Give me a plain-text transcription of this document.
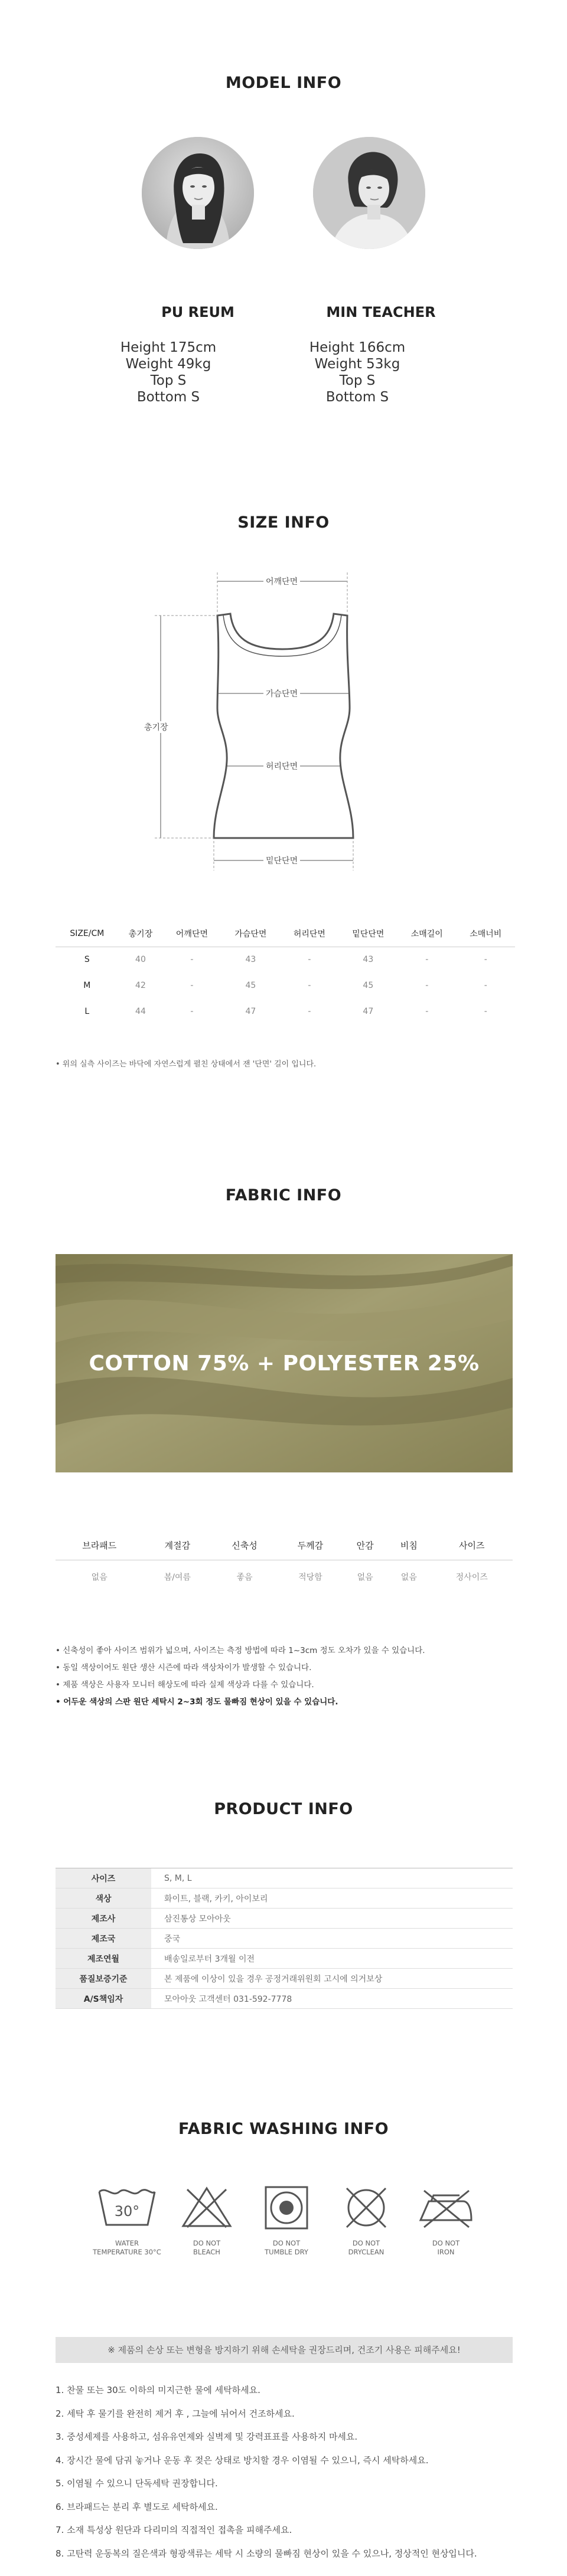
MODEL INFO
PU REUM
Height 175cm
Weight 49kg
Top S
Bottom S
MIN TEACHER
Height 166cm
Weight 53kg
Top S
Bottom S
SIZE INFO
어깨단면
가슴단면
허리단면
밑단단면
총기장
SIZE/CM	총기장	어깨단면	가슴단면	허리단면	밑단단면	소매길이	소매너비
S	40	-	43	-	43	-	-
M	42	-	45	-	45	-	-
L	44	-	47	-	47	-	-
• 위의 실측 사이즈는 바닥에 자연스럽게 펼친 상태에서 잰 '단면' 길이 입니다.
FABRIC INFO
COTTON 75% + POLYESTER 25%
브라패드	계절감	신축성	두께감	안감	비침	사이즈
없음	봄/여름	좋음	적당함	없음	없음	정사이즈
• 신축성이 좋아 사이즈 범위가 넓으며, 사이즈는 측정 방법에 따라 1~3cm 정도 오차가 있을 수 있습니다.
• 동일 색상이어도 원단 생산 시즌에 따라 색상차이가 발생할 수 있습니다.
• 제품 색상은 사용자 모니터 해상도에 따라 실제 색상과 다를 수 있습니다.
• 어두운 색상의 스판 원단 세탁시 2~3회 정도 물빠짐 현상이 있을 수 있습니다.
PRODUCT INFO
사이즈	S, M, L
색상	화이트, 블랙, 카키, 아이보리
제조사	삼진통상 모아아웃
제조국	중국
제조연월	배송일로부터 3개월 이전
품질보증기준	본 제품에 이상이 있을 경우 공정거래위원회 고시에 의거보상
A/S책임자	모아아웃 고객센터 031-592-7778
FABRIC WASHING INFO
30°
WATER
TEMPERATURE 30°C
DO NOT
BLEACH
DO NOT
TUMBLE DRY
DO NOT
DRYCLEAN
DO NOT
IRON
※ 제품의 손상 또는 변형을 방지하기 위해 손세탁을 권장드리며, 건조기 사용은 피해주세요!
1. 찬물 또는 30도 이하의 미지근한 물에 세탁하세요.
2. 세탁 후 물기를 완전히 제거 후 , 그늘에 뉘어서 건조하세요.
3. 중성세제를 사용하고, 섬유유연제와 실벽제 및 강력표표를 사용하지 마세요.
4. 장시간 물에 담궈 놓거나 운동 후 젖은 상태로 방치할 경우 이염될 수 있으니, 즉시 세탁하세요.
5. 이염될 수 있으니 단독세탁 권장합니다.
6. 브라패드는 분리 후 별도로 세탁하세요.
7. 소재 특성상 원단과 다리미의 직접적인 접촉을 피해주세요.
8. 고탄력 운동복의 질은색과 형광색류는 세탁 시 소량의 물빠짐 현상이 있을 수 있으나, 정상적인 현상입니다.
